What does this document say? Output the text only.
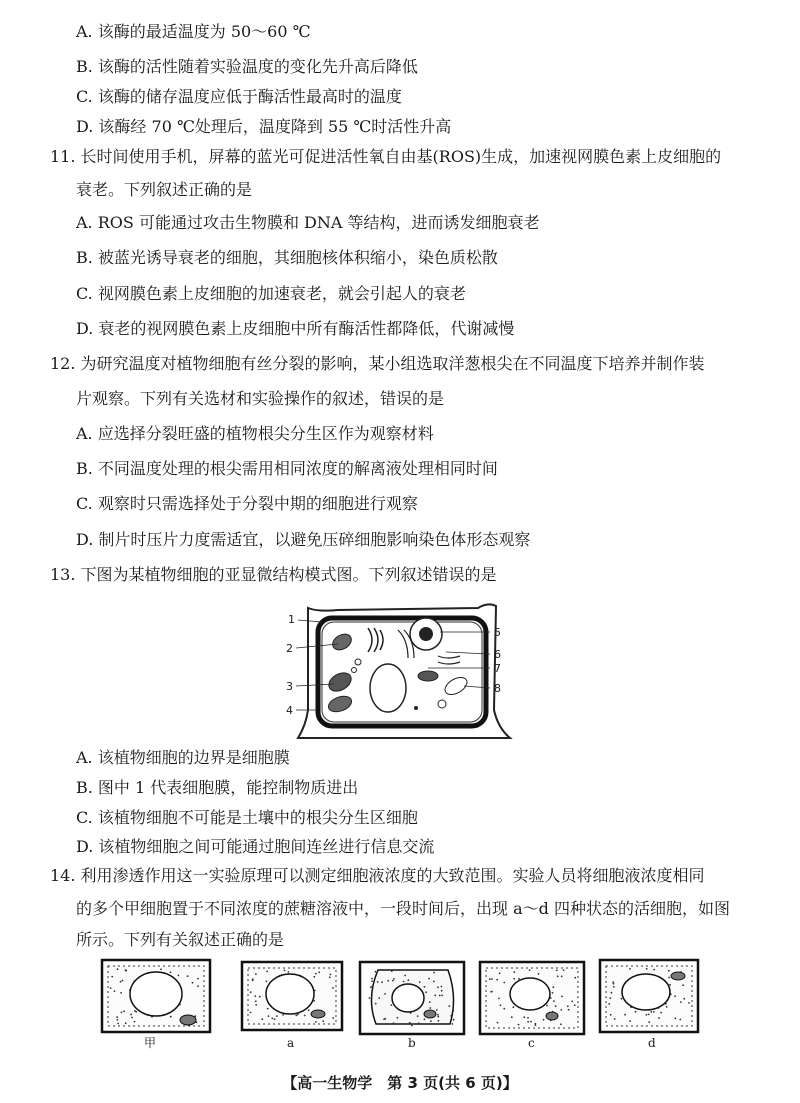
A. 该酶的最适温度为 50～60 ℃
B. 该酶的活性随着实验温度的变化先升高后降低
C. 该酶的储存温度应低于酶活性最高时的温度
D. 该酶经 70 ℃处理后，温度降到 55 ℃时活性升高
11. 长时间使用手机，屏幕的蓝光可促进活性氧自由基(ROS)生成，加速视网膜色素上皮细胞的
衰老。下列叙述正确的是
A. ROS 可能通过攻击生物膜和 DNA 等结构，进而诱发细胞衰老
B. 被蓝光诱导衰老的细胞，其细胞核体积缩小，染色质松散
C. 视网膜色素上皮细胞的加速衰老，就会引起人的衰老
D. 衰老的视网膜色素上皮细胞中所有酶活性都降低，代谢减慢
12. 为研究温度对植物细胞有丝分裂的影响，某小组选取洋葱根尖在不同温度下培养并制作装
片观察。下列有关选材和实验操作的叙述，错误的是
A. 应选择分裂旺盛的植物根尖分生区作为观察材料
B. 不同温度处理的根尖需用相同浓度的解离液处理相同时间
C. 观察时只需选择处于分裂中期的细胞进行观察
D. 制片时压片力度需适宜，以避免压碎细胞影响染色体形态观察
13. 下图为某植物细胞的亚显微结构模式图。下列叙述错误的是
1
2
3
4
5
6
7
8
A. 该植物细胞的边界是细胞膜
B. 图中 1 代表细胞膜，能控制物质进出
C. 该植物细胞不可能是土壤中的根尖分生区细胞
D. 该植物细胞之间可能通过胞间连丝进行信息交流
14. 利用渗透作用这一实验原理可以测定细胞液浓度的大致范围。实验人员将细胞液浓度相同
的多个甲细胞置于不同浓度的蔗糖溶液中，一段时间后，出现 a～d 四种状态的活细胞，如图
所示。下列有关叙述正确的是
甲	a	b	c	d
【高一生物学　第 3 页(共 6 页)】
